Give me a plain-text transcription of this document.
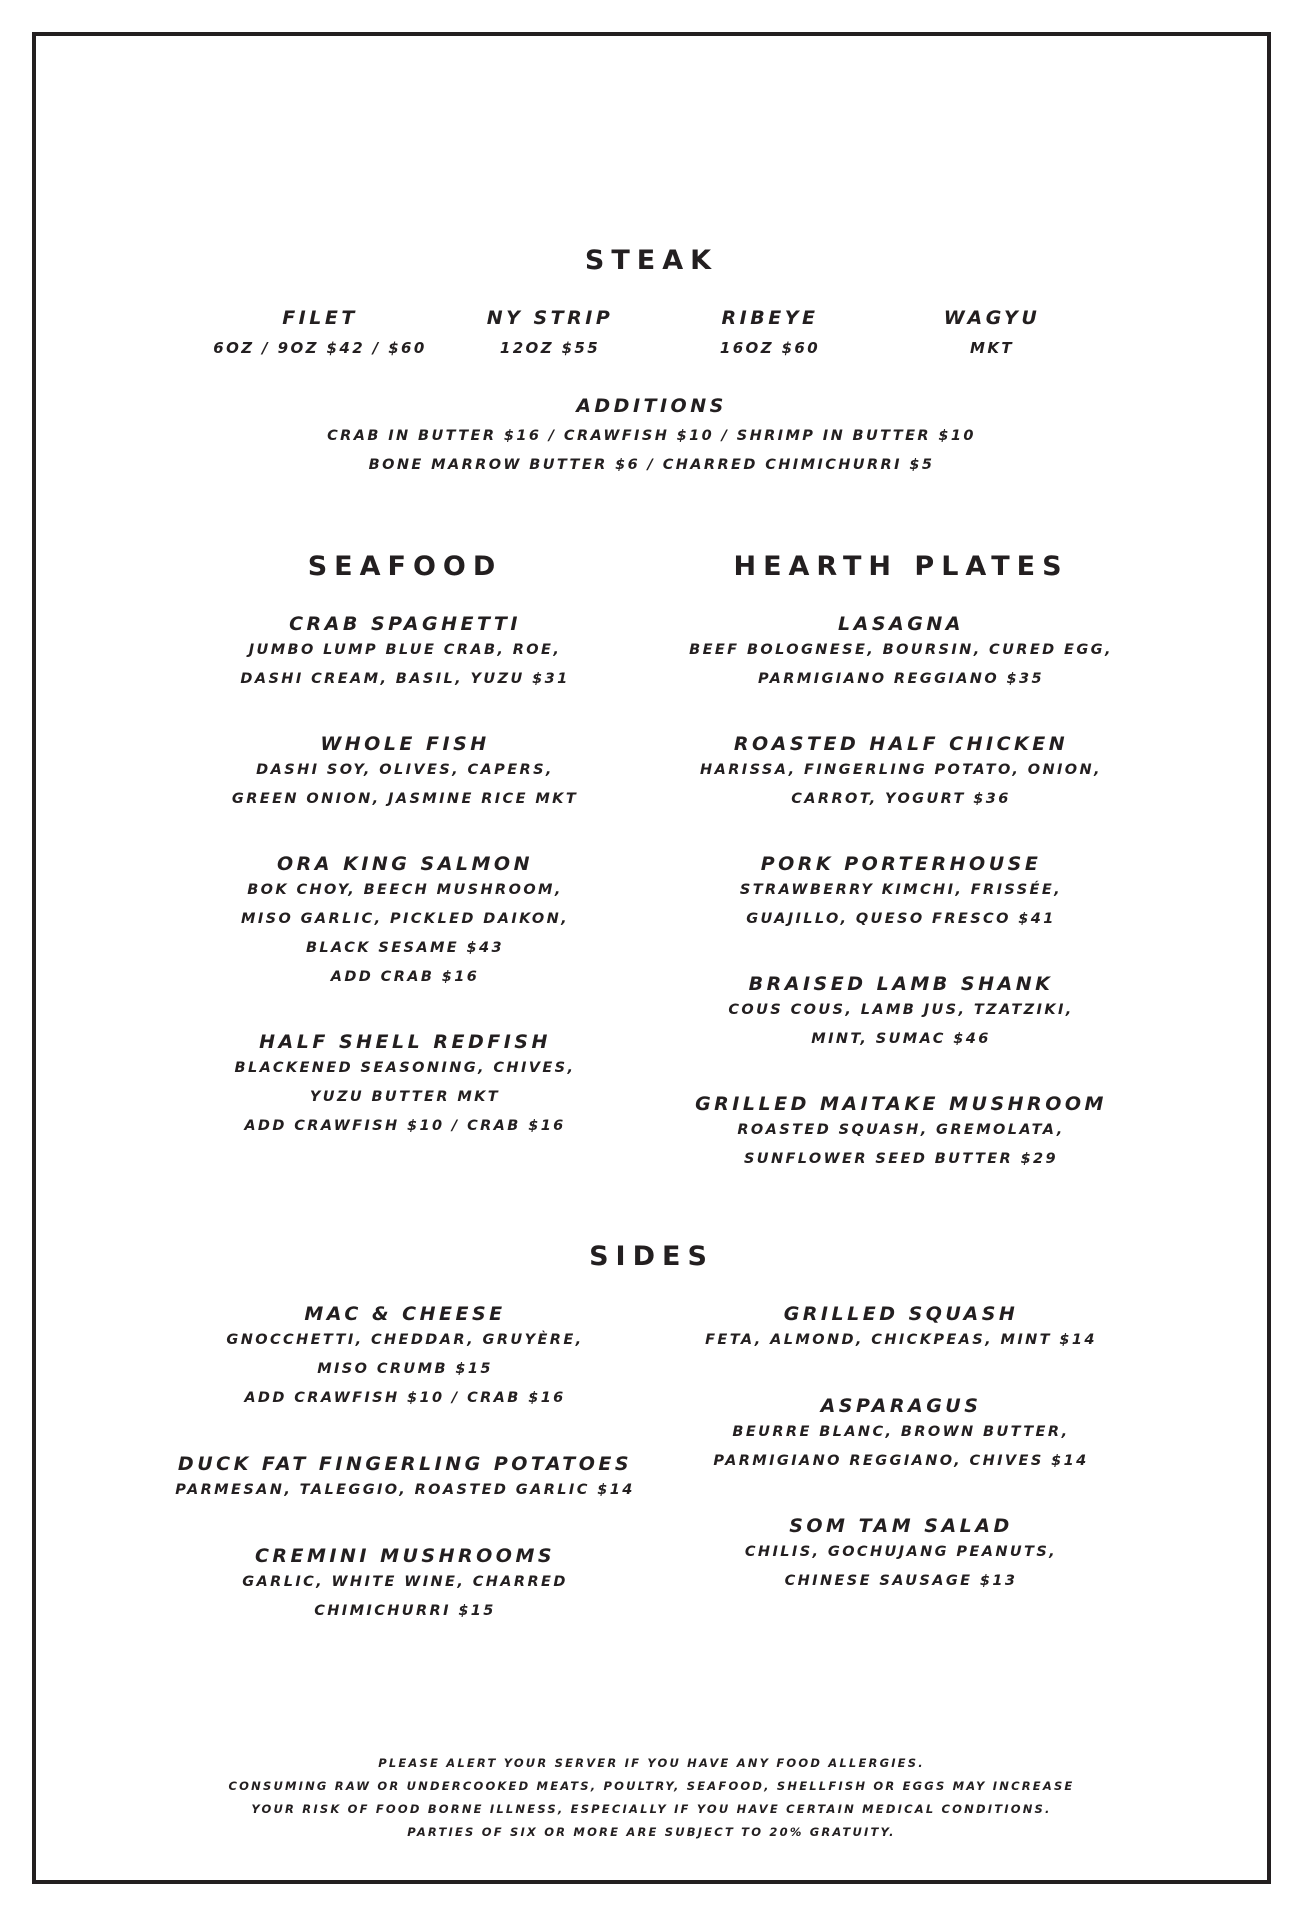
STEAK
FILET
6OZ / 9OZ $42 / $60
NY STRIP
12OZ $55
RIBEYE
16OZ $60
WAGYU
MKT
ADDITIONS
CRAB IN BUTTER $16 / CRAWFISH $10 / SHRIMP IN BUTTER $10
BONE MARROW BUTTER $6 / CHARRED CHIMICHURRI $5
SEAFOOD
CRAB SPAGHETTI
JUMBO LUMP BLUE CRAB, ROE,
DASHI CREAM, BASIL, YUZU $31
WHOLE FISH
DASHI SOY, OLIVES, CAPERS,
GREEN ONION, JASMINE RICE MKT
ORA KING SALMON
BOK CHOY, BEECH MUSHROOM,
MISO GARLIC, PICKLED DAIKON,
BLACK SESAME $43
ADD CRAB $16
HALF SHELL REDFISH
BLACKENED SEASONING, CHIVES,
YUZU BUTTER MKT
ADD CRAWFISH $10 / CRAB $16
HEARTH PLATES
LASAGNA
BEEF BOLOGNESE, BOURSIN, CURED EGG,
PARMIGIANO REGGIANO $35
ROASTED HALF CHICKEN
HARISSA, FINGERLING POTATO, ONION,
CARROT, YOGURT $36
PORK PORTERHOUSE
STRAWBERRY KIMCHI, FRISSÉE,
GUAJILLO, QUESO FRESCO $41
BRAISED LAMB SHANK
COUS COUS, LAMB JUS, TZATZIKI,
MINT, SUMAC $46
GRILLED MAITAKE MUSHROOM
ROASTED SQUASH, GREMOLATA,
SUNFLOWER SEED BUTTER $29
SIDES
MAC & CHEESE
GNOCCHETTI, CHEDDAR, GRUYÈRE,
MISO CRUMB $15
ADD CRAWFISH $10 / CRAB $16
DUCK FAT FINGERLING POTATOES
PARMESAN, TALEGGIO, ROASTED GARLIC $14
CREMINI MUSHROOMS
GARLIC, WHITE WINE, CHARRED
CHIMICHURRI $15
GRILLED SQUASH
FETA, ALMOND, CHICKPEAS, MINT $14
ASPARAGUS
BEURRE BLANC, BROWN BUTTER,
PARMIGIANO REGGIANO, CHIVES $14
SOM TAM SALAD
CHILIS, GOCHUJANG PEANUTS,
CHINESE SAUSAGE $13
PLEASE ALERT YOUR SERVER IF YOU HAVE ANY FOOD ALLERGIES.
CONSUMING RAW OR UNDERCOOKED MEATS, POULTRY, SEAFOOD, SHELLFISH OR EGGS MAY INCREASE
YOUR RISK OF FOOD BORNE ILLNESS, ESPECIALLY IF YOU HAVE CERTAIN MEDICAL CONDITIONS.
PARTIES OF SIX OR MORE ARE SUBJECT TO 20% GRATUITY.
